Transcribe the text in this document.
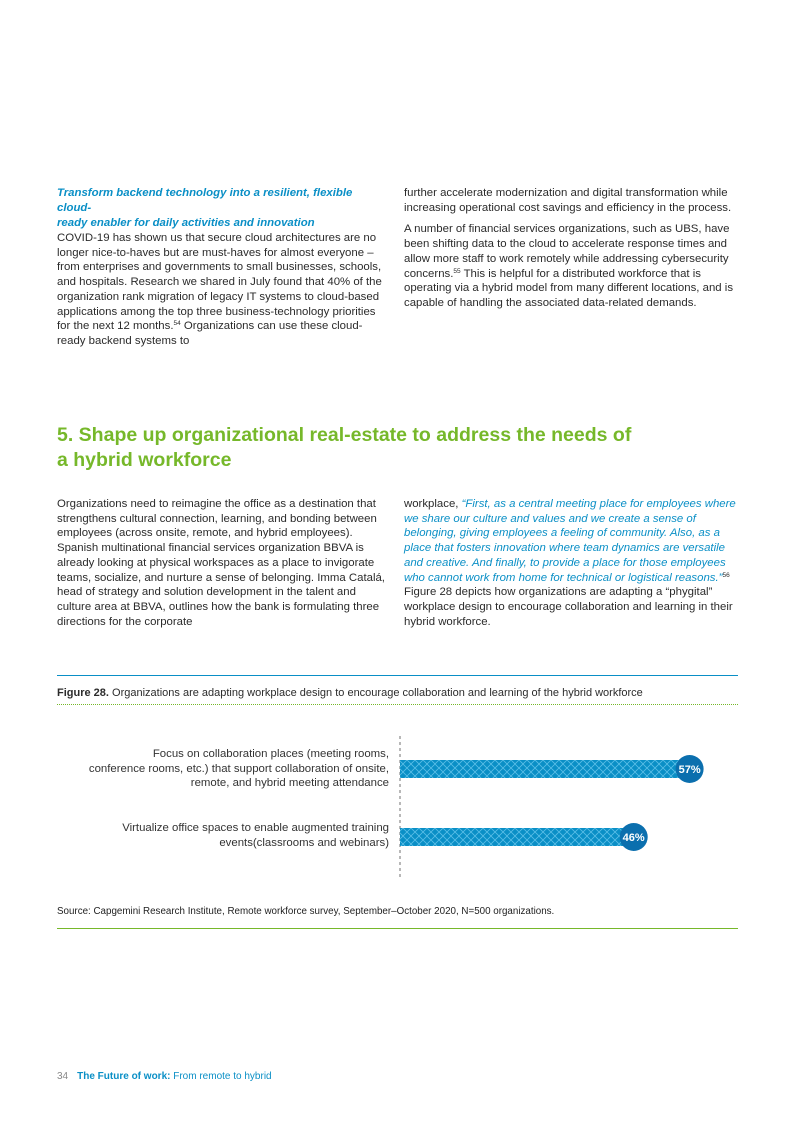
Transform backend technology into a resilient, flexible cloud-
ready enabler for daily activities and innovation

COVID-19 has shown us that secure cloud architectures are no longer nice-to-haves but are must-haves for almost everyone – from enterprises and governments to small businesses, schools, and hospitals. Research we shared in July found that 40% of the organization rank migration of legacy IT systems to cloud-based applications among the top three business-technology priorities for the next 12 months.$^{54}$ Organizations can use these cloud-ready backend systems to

further accelerate modernization and digital transformation while increasing operational cost savings and efficiency in the process.

A number of financial services organizations, such as UBS, have been shifting data to the cloud to accelerate response times and allow more staff to work remotely while addressing cybersecurity concerns.$^{55}$ This is helpful for a distributed workforce that is operating via a hybrid model from many different locations, and is capable of handling the associated data-related demands.

5. Shape up organizational real-estate to address the needs of
a hybrid workforce

Organizations need to reimagine the office as a destination that strengthens cultural connection, learning, and bonding between employees (across onsite, remote, and hybrid employees). Spanish multinational financial services organization BBVA is already looking at physical workspaces as a place to invigorate teams, socialize, and nurture a sense of belonging. Imma Catalá, head of strategy and solution development in the talent and culture area at BBVA, outlines how the bank is formulating three directions for the corporate

workplace, “First, as a central meeting place for employees where we share our culture and values and we create a sense of belonging, giving employees a feeling of community. Also, as a place that fosters innovation where team dynamics are versatile and creative. And finally, to provide a place for those employees who cannot work from home for technical or logistical reasons.”$^{56}$ Figure 28 depicts how organizations are adapting a “phygital” workplace design to encourage collaboration and learning in their hybrid workforce.

Figure 28. Organizations are adapting workplace design to encourage collaboration and learning of the hybrid workforce
Focus on collaboration places (meeting rooms,
conference rooms, etc.) that support collaboration of onsite,
remote, and hybrid meeting attendance
Virtualize office spaces to enable augmented training
events(classrooms and webinars)
57%
46%
Source: Capgemini Research Institute, Remote workforce survey, September–October 2020, N=500 organizations.
34 The Future of work: From remote to hybrid
